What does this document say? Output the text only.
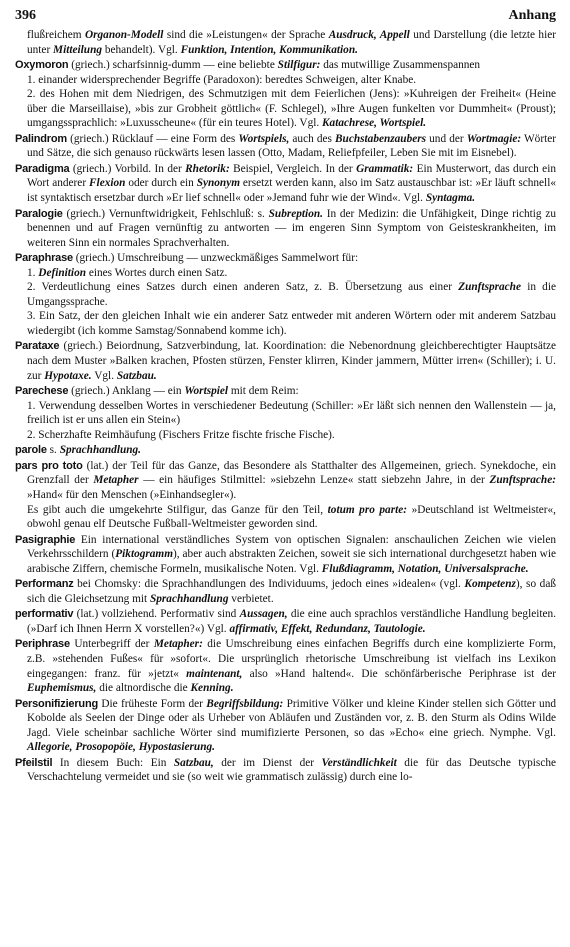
396	Anhang
flußreichem Organon-Modell sind die »Leistungen« der Sprache Ausdruck, Appell und Darstellung (die letzte hier unter Mitteilung behandelt). Vgl. Funktion, Intention, Kommunikation.
Oxymoron (griech.) scharfsinnig-dumm — eine beliebte Stilfigur: das mutwillige Zusammenspannen
1. einander widersprechender Begriffe (Paradoxon): beredtes Schweigen, alter Knabe.
2. des Hohen mit dem Niedrigen, des Schmutzigen mit dem Feierlichen (Jens): »Kuhreigen der Freiheit« (Heine über die Marseillaise), »bis zur Grobheit göttlich« (F. Schlegel), »Ihre Augen funkelten vor Dummheit« (Proust); umgangssprachlich: »Luxusscheune« (für ein teures Hotel). Vgl. Katachrese, Wortspiel.
Palindrom (griech.) Rücklauf — eine Form des Wortspiels, auch des Buchstabenzaubers und der Wortmagie: Wörter und Sätze, die sich genauso rückwärts lesen lassen (Otto, Madam, Reliefpfeiler, Leben Sie mit im Eisnebel).
Paradigma (griech.) Vorbild. In der Rhetorik: Beispiel, Vergleich. In der Grammatik: Ein Musterwort, das durch ein Wort anderer Flexion oder durch ein Synonym ersetzt werden kann, also im Satz austauschbar ist: »Er läuft schnell« ist syntaktisch ersetzbar durch »Er lief schnell« oder »Jemand fuhr wie der Wind«. Vgl. Syntagma.
Paralogie (griech.) Vernunftwidrigkeit, Fehlschluß: s. Subreption. In der Medizin: die Unfähigkeit, Dinge richtig zu benennen und auf Fragen vernünftig zu antworten — im engeren Sinn Symptom von Geisteskrankheiten, im weiteren Sinn ein normales Sprachverhalten.
Paraphrase (griech.) Umschreibung — unzweckmäßiges Sammelwort für:
1. Definition eines Wortes durch einen Satz.
2. Verdeutlichung eines Satzes durch einen anderen Satz, z. B. Übersetzung aus einer Zunftsprache in die Umgangssprache.
3. Ein Satz, der den gleichen Inhalt wie ein anderer Satz entweder mit anderen Wörtern oder mit anderem Satzbau wiedergibt (ich komme Samstag/Sonnabend komme ich).
Parataxe (griech.) Beiordnung, Satzverbindung, lat. Koordination: die Nebenordnung gleichberechtigter Hauptsätze nach dem Muster »Balken krachen, Pfosten stürzen, Fenster klirren, Kinder jammern, Mütter irren« (Schiller); i. U. zur Hypotaxe. Vgl. Satzbau.
Parechese (griech.) Anklang — ein Wortspiel mit dem Reim:
1. Verwendung desselben Wortes in verschiedener Bedeutung (Schiller: »Er läßt sich nennen den Wallenstein — ja, freilich ist er uns allen ein Stein«)
2. Scherzhafte Reimhäufung (Fischers Fritze fischte frische Fische).
parole s. Sprachhandlung.
pars pro toto (lat.) der Teil für das Ganze, das Besondere als Statthalter des Allgemeinen, griech. Synekdoche, ein Grenzfall der Metapher — ein häufiges Stilmittel: »siebzehn Lenze« statt siebzehn Jahre, in der Zunftsprache: »Hand« für den Menschen (»Einhandsegler«).
Es gibt auch die umgekehrte Stilfigur, das Ganze für den Teil, totum pro parte: »Deutschland ist Weltmeister«, obwohl genau elf Deutsche Fußball-Weltmeister geworden sind.
Pasigraphie Ein international verständliches System von optischen Signalen: anschaulichen Zeichen wie vielen Verkehrsschildern (Piktogramm), aber auch abstrakten Zeichen, soweit sie sich international durchgesetzt haben wie arabische Ziffern, chemische Formeln, musikalische Noten. Vgl. Flußdiagramm, Notation, Universalsprache.
Performanz bei Chomsky: die Sprachhandlungen des Individuums, jedoch eines »idealen« (vgl. Kompetenz), so daß sich die Gleichsetzung mit Sprachhandlung verbietet.
performativ (lat.) vollziehend. Performativ sind Aussagen, die eine auch sprachlos verständliche Handlung begleiten. (»Darf ich Ihnen Herrn X vorstellen?«) Vgl. affirmativ, Effekt, Redundanz, Tautologie.
Periphrase Unterbegriff der Metapher: die Umschreibung eines einfachen Begriffs durch eine komplizierte Form, z.B. »stehenden Fußes« für »sofort«. Die ursprünglich rhetorische Umschreibung ist vielfach ins Lexikon eingegangen: franz. für »jetzt« maintenant, also »Hand haltend«. Die schönfärberische Periphrase ist der Euphemismus, die altnordische die Kenning.
Personifizierung Die früheste Form der Begriffsbildung: Primitive Völker und kleine Kinder stellen sich Götter und Kobolde als Seelen der Dinge oder als Urheber von Abläufen und Zuständen vor, z. B. den Sturm als Odins Wilde Jagd. Viele scheinbar sachliche Wörter sind mumifizierte Personen, so das »Echo« eine griech. Nymphe. Vgl. Allegorie, Prosopopöie, Hypostasierung.
Pfeilstil In diesem Buch: Ein Satzbau, der im Dienst der Verständlichkeit die für das Deutsche typische Verschachtelung vermeidet und sie (so weit wie grammatisch zulässig) durch eine lo-
